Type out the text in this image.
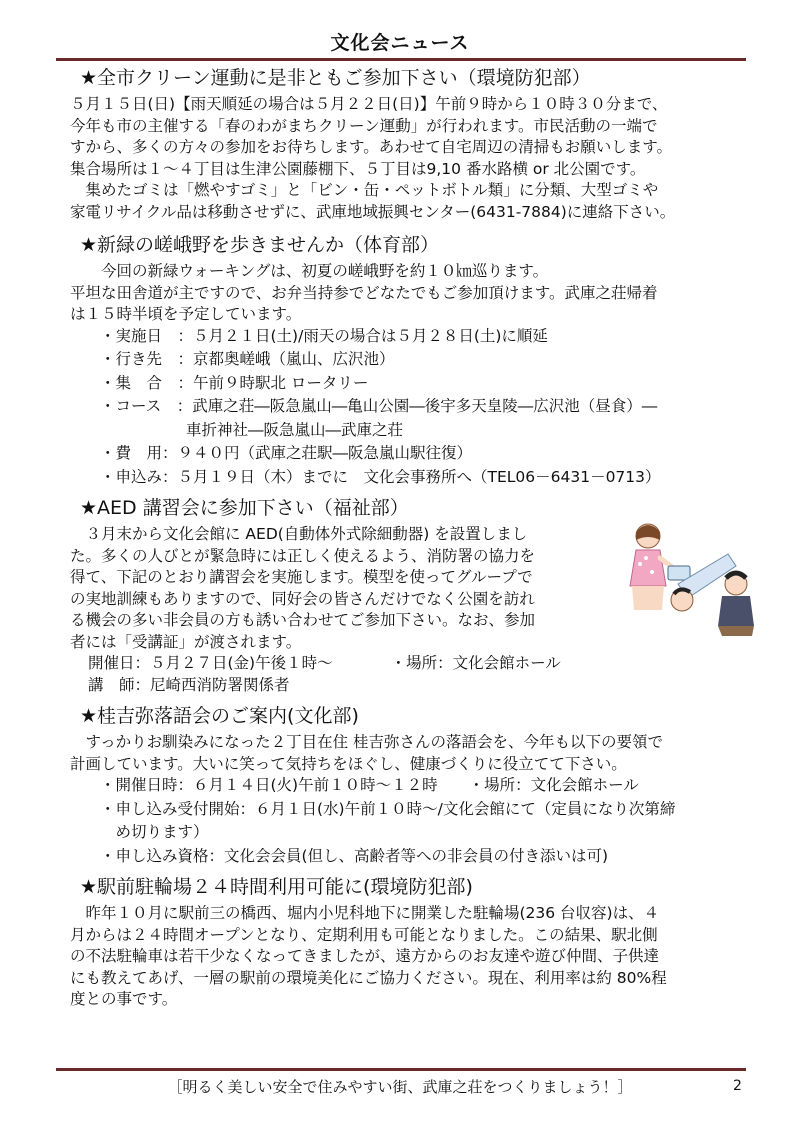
文化会ニュース
★全市クリーン運動に是非ともご参加下さい（環境防犯部）

５月１５日(日)【雨天順延の場合は５月２２日(日)】午前９時から１０時３０分まで、

今年も市の主催する「春のわがまちクリーン運動」が行われます。市民活動の一端で

すから、多くの方々の参加をお待ちします。あわせて自宅周辺の清掃もお願いします。

集合場所は１～４丁目は生津公園藤棚下、５丁目は9,10 番水路横 or 北公園です。

　集めたゴミは「燃やすゴミ」と「ビン・缶・ペットボトル類」に分類、大型ゴミや

家電リサイクル品は移動させずに、武庫地域振興センター(6431-7884)に連絡下さい。

★新緑の嵯峨野を歩きませんか（体育部）

　　今回の新緑ウォーキングは、初夏の嵯峨野を約１０㎞巡ります。

平坦な田舎道が主ですので、お弁当持参でどなたでもご参加頂けます。武庫之荘帰着

は１５時半頃を予定しています。

・実施日　：５月２１日(土)/雨天の場合は５月２８日(土)に順延
・行き先　：京都奥嵯峨（嵐山、広沢池）
・集　合　：午前９時駅北 ロータリー
・コース　：武庫之荘―阪急嵐山―亀山公園―後宇多天皇陵―広沢池（昼食）―
車折神社―阪急嵐山―武庫之荘
・費　用：９４０円（武庫之荘駅―阪急嵐山駅往復）
・申込み：５月１９日（木）までに　文化会事務所へ（TEL06－6431－0713）
★AED 講習会に参加下さい（福祉部）

　３月末から文化会館に AED(自動体外式除細動器) を設置しまし

た。多くの人びとが緊急時には正しく使えるよう、消防署の協力を

得て、下記のとおり講習会を実施します。模型を使ってグループで

の実地訓練もありますので、同好会の皆さんだけでなく公園を訪れ

る機会の多い非会員の方も誘い合わせてご参加下さい。なお、参加

者には「受講証」が渡されます。

開催日：５月２７日(金)午後１時～	・場所：文化会館ホール

講　師：尼崎西消防署関係者

★桂吉弥落語会のご案内(文化部)

　すっかりお馴染みになった２丁目在住 桂吉弥さんの落語会を、今年も以下の要領で

計画しています。大いに笑って気持ちをほぐし、健康づくりに役立てて下さい。

・開催日時：６月１４日(火)午前１０時～１２時　　・場所：文化会館ホール
・申し込み受付開始：６月１日(水)午前１０時～/文化会館にて（定員になり次第締
　め切ります）
・申し込み資格：文化会会員(但し、高齢者等への非会員の付き添いは可)
★駅前駐輪場２４時間利用可能に(環境防犯部)

　昨年１０月に駅前三の橋西、堀内小児科地下に開業した駐輪場(236 台収容)は、４

月からは２４時間オープンとなり、定期利用も可能となりました。この結果、駅北側

の不法駐輪車は若干少なくなってきましたが、遠方からのお友達や遊び仲間、子供達

にも教えてあげ、一層の駅前の環境美化にご協力ください。現在、利用率は約 80%程

度との事です。

［明るく美しい安全で住みやすい街、武庫之荘をつくりましょう！］	2
